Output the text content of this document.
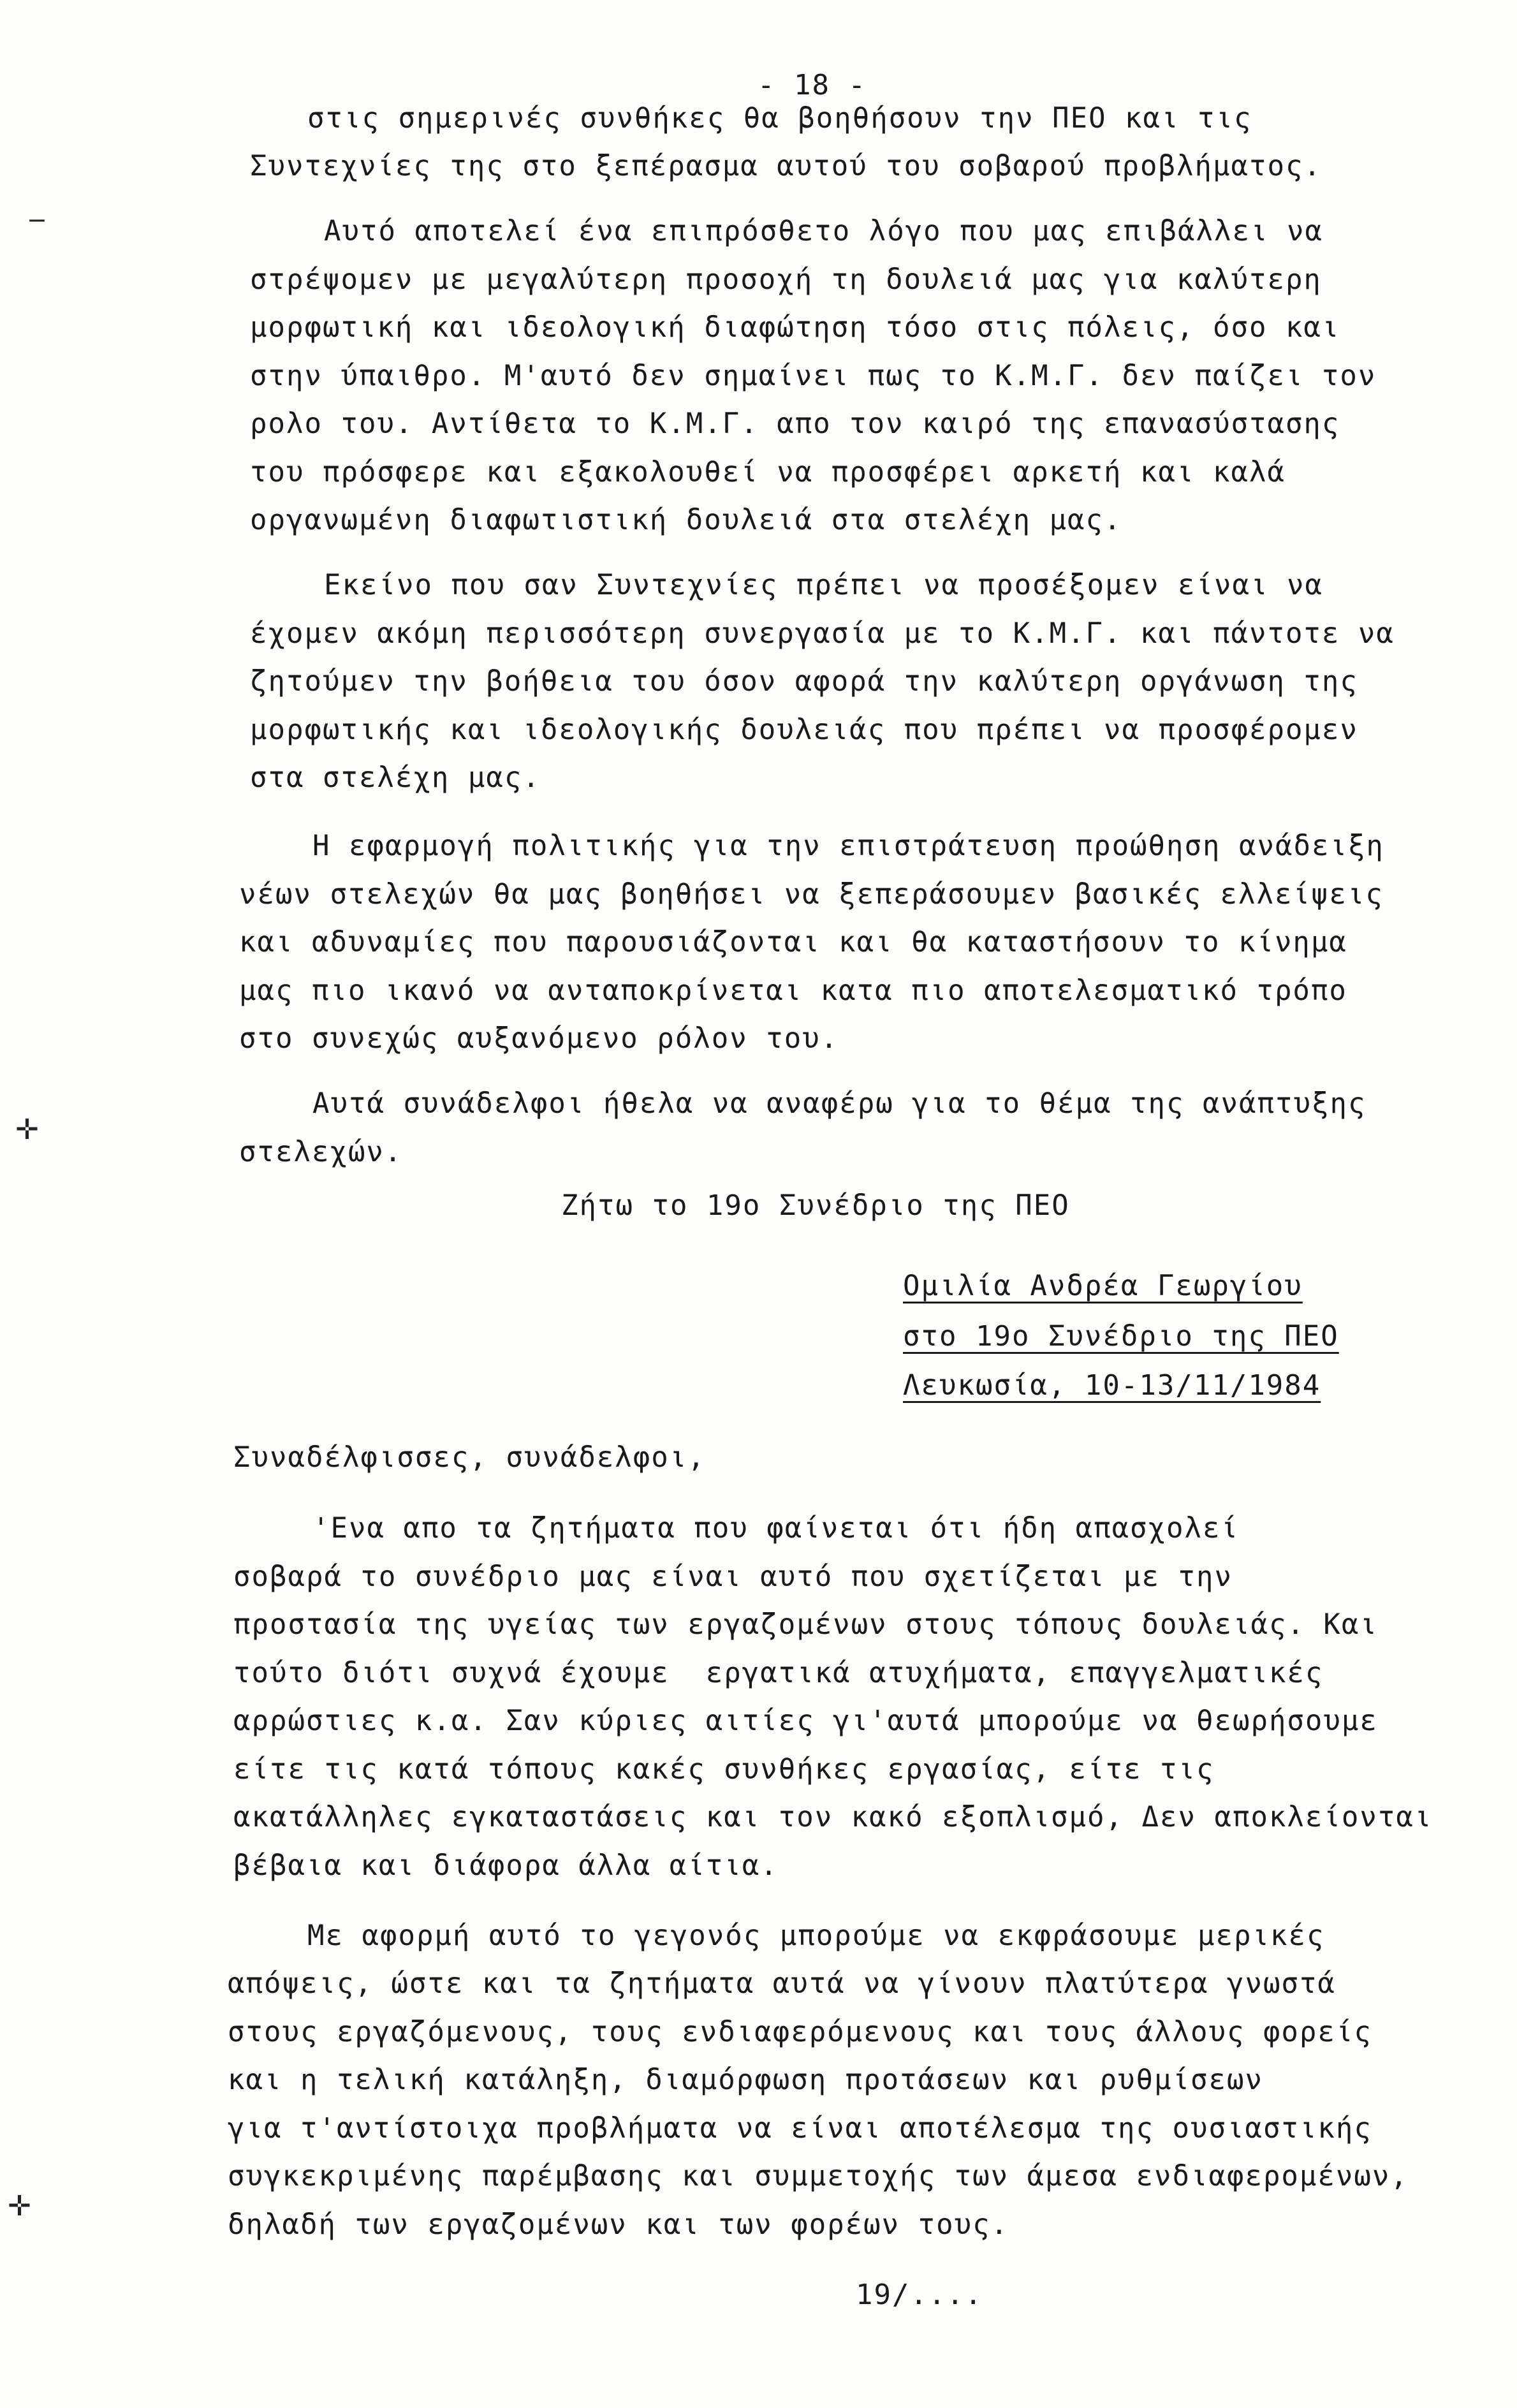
- 18 -
στις σημερινές συνθήκες θα βοηθήσουν την ΠΕΟ και τις
Συντεχνίες της στο ξεπέρασμα αυτού του σοβαρού προβλήματος.
Αυτό αποτελεί ένα επιπρόσθετο λόγο που μας επιβάλλει να
στρέψομεν με μεγαλύτερη προσοχή τη δουλειά μας για καλύτερη
μορφωτική και ιδεολογική διαφώτηση τόσο στις πόλεις, όσο και
στην ύπαιθρο. Μ'αυτό δεν σημαίνει πως το Κ.Μ.Γ. δεν παίζει τον
ρολο του. Αντίθετα το Κ.Μ.Γ. απο τον καιρό της επανασύστασης
του πρόσφερε και εξακολουθεί να προσφέρει αρκετή και καλά
οργανωμένη διαφωτιστική δουλειά στα στελέχη μας.
Εκείνο που σαν Συντεχνίες πρέπει να προσέξομεν είναι να
έχομεν ακόμη περισσότερη συνεργασία με το Κ.Μ.Γ. και πάντοτε να
ζητούμεν την βοήθεια του όσον αφορά την καλύτερη οργάνωση της
μορφωτικής και ιδεολογικής δουλειάς που πρέπει να προσφέρομεν
στα στελέχη μας.
Η εφαρμογή πολιτικής για την επιστράτευση προώθηση ανάδειξη
νέων στελεχών θα μας βοηθήσει να ξεπεράσουμεν βασικές ελλείψεις
και αδυναμίες που παρουσιάζονται και θα καταστήσουν το κίνημα
μας πιο ικανό να ανταποκρίνεται κατα πιο αποτελεσματικό τρόπο
στο συνεχώς αυξανόμενο ρόλον του.
Αυτά συνάδελφοι ήθελα να αναφέρω για το θέμα της ανάπτυξης
στελεχών.
Ζήτω το 19ο Συνέδριο της ΠΕΟ
Ομιλία Ανδρέα Γεωργίου
στο 19ο Συνέδριο της ΠΕΟ
Λευκωσία, 10-13/11/1984
Συναδέλφισσες, συνάδελφοι,
'Ενα απο τα ζητήματα που φαίνεται ότι ήδη απασχολεί
σοβαρά το συνέδριο μας είναι αυτό που σχετίζεται με την
προστασία της υγείας των εργαζομένων στους τόπους δουλειάς. Και
τούτο διότι συχνά έχουμε  εργατικά ατυχήματα, επαγγελματικές
αρρώστιες κ.α. Σαν κύριες αιτίες γι'αυτά μπορούμε να θεωρήσουμε
είτε τις κατά τόπους κακές συνθήκες εργασίας, είτε τις
ακατάλληλες εγκαταστάσεις και τον κακό εξοπλισμό, Δεν αποκλείονται
βέβαια και διάφορα άλλα αίτια.
Με αφορμή αυτό το γεγονός μπορούμε να εκφράσουμε μερικές
απόψεις, ώστε και τα ζητήματα αυτά να γίνουν πλατύτερα γνωστά
στους εργαζόμενους, τους ενδιαφερόμενους και τους άλλους φορείς
και η τελική κατάληξη, διαμόρφωση προτάσεων και ρυθμίσεων
για τ'αντίστοιχα προβλήματα να είναι αποτέλεσμα της ουσιαστικής
συγκεκριμένης παρέμβασης και συμμετοχής των άμεσα ενδιαφερομένων,
δηλαδή των εργαζομένων και των φορέων τους.
19/....
‒
✛
✛
